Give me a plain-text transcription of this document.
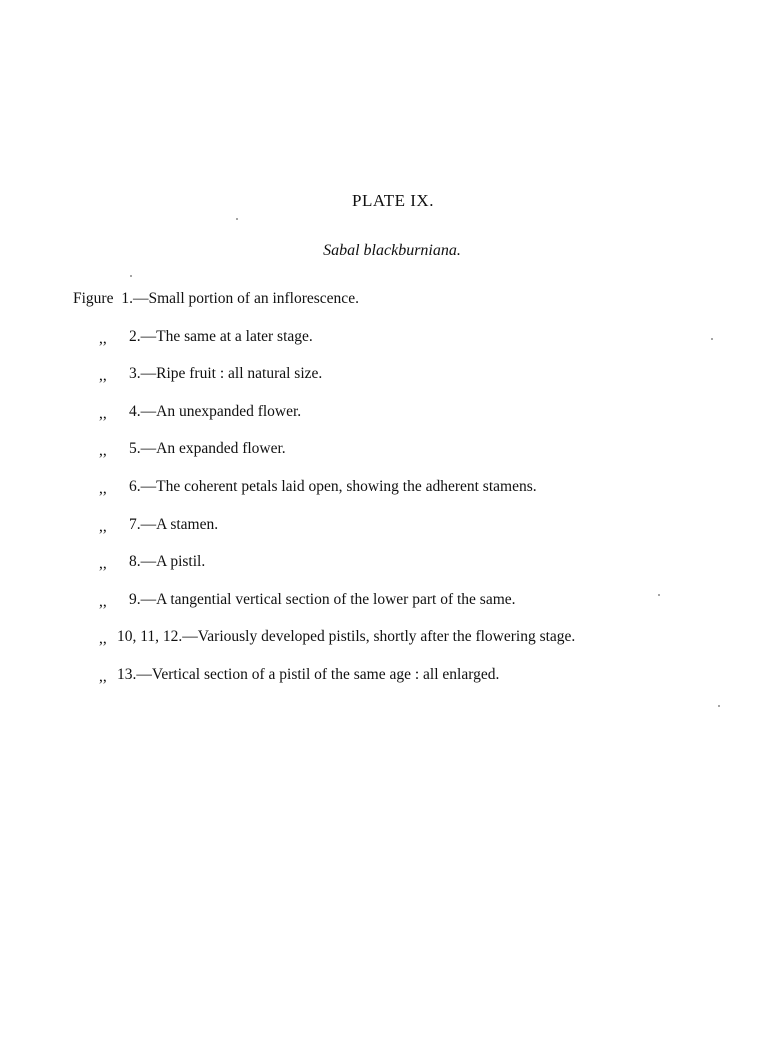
PLATE IX.
Sabal blackburniana.
Figure 1.—Small portion of an inflorescence.
,, 2.—The same at a later stage.
,, 3.—Ripe fruit : all natural size.
,, 4.—An unexpanded flower.
,, 5.—An expanded flower.
,, 6.—The coherent petals laid open, showing the adherent stamens.
,, 7.—A stamen.
,, 8.—A pistil.
,, 9.—A tangential vertical section of the lower part of the same.
,, 10, 11, 12.—Variously developed pistils, shortly after the flowering stage.
,, 13.—Vertical section of a pistil of the same age : all enlarged.
